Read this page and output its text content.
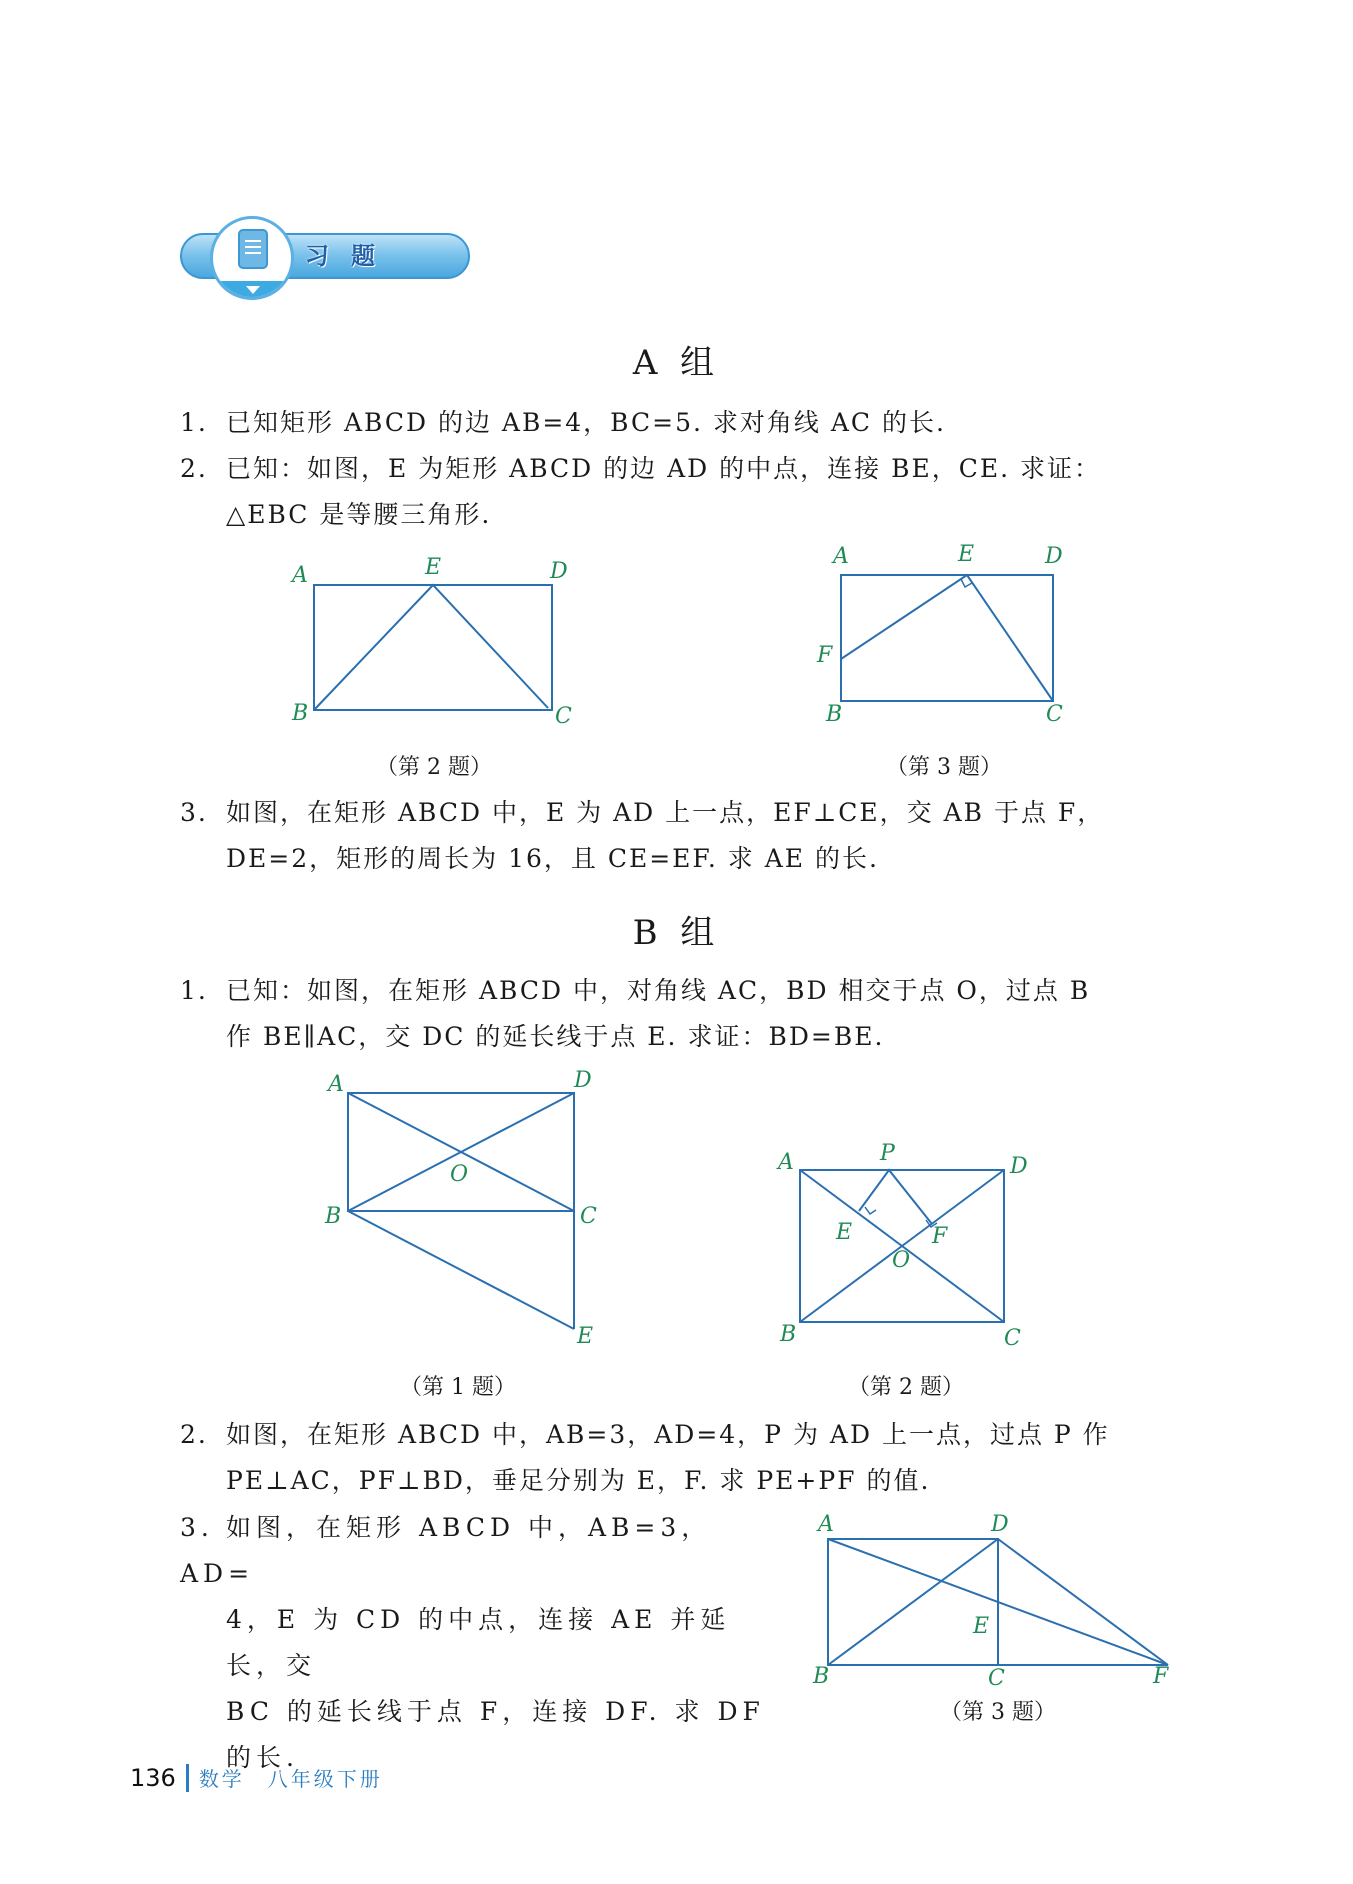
习题
A 组
1. 已知矩形 ABCD 的边 AB=4，BC=5. 求对角线 AC 的长.
2. 已知：如图，E 为矩形 ABCD 的边 AD 的中点，连接 BE，CE. 求证：
△EBC 是等腰三角形.
A	E	D
B	C
（第 2 题）
A	E	D
F
B	C
（第 3 题）
3. 如图，在矩形 ABCD 中，E 为 AD 上一点，EF⊥CE，交 AB 于点 F，
DE=2，矩形的周长为 16，且 CE=EF. 求 AE 的长.
B 组
1. 已知：如图，在矩形 ABCD 中，对角线 AC，BD 相交于点 O，过点 B
作 BE∥AC，交 DC 的延长线于点 E. 求证：BD=BE.
A	D
O
B	C
E
（第 1 题）
A	P
D
E	F
O
B	C
（第 2 题）
2. 如图，在矩形 ABCD 中，AB=3，AD=4，P 为 AD 上一点，过点 P 作
PE⊥AC，PF⊥BD，垂足分别为 E，F. 求 PE+PF 的值.
3. 如图，在矩形 ABCD 中，AB=3，AD=
4，E 为 CD 的中点，连接 AE 并延长，交
BC 的延长线于点 F，连接 DF. 求 DF
的长.
A	D
E
B	C	F
（第 3 题）
136 数学　八年级下册
